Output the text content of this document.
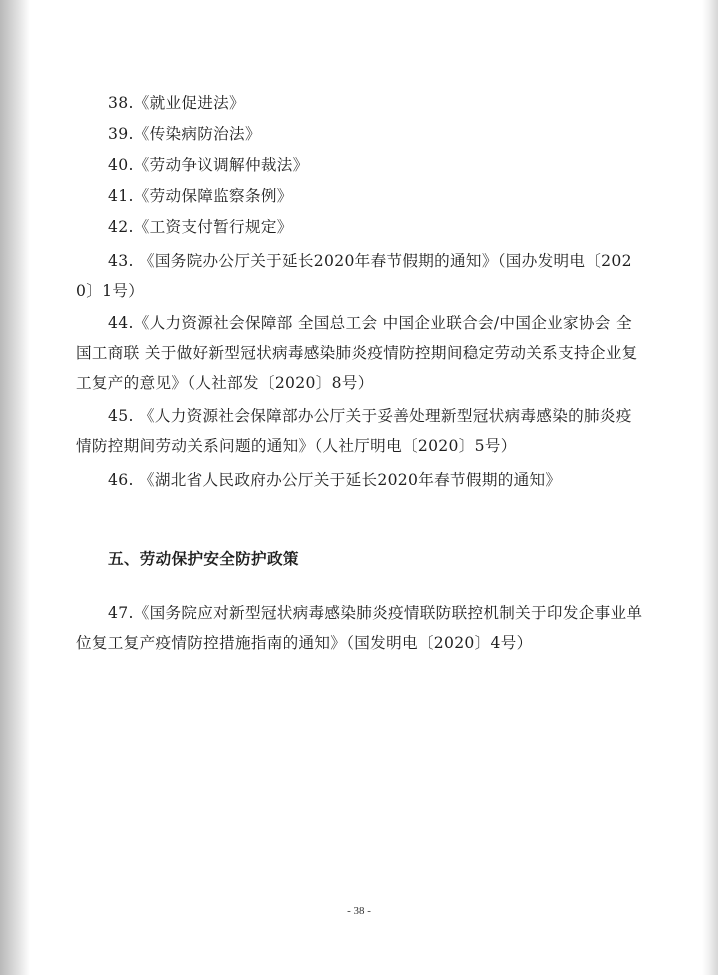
38.《就业促进法》
39.《传染病防治法》
40.《劳动争议调解仲裁法》
41.《劳动保障监察条例》
42.《工资支付暂行规定》
43. 《国务院办公厅关于延长2020年春节假期的通知》（国办发明电〔2020〕1号）
44.《人力资源社会保障部 全国总工会 中国企业联合会/中国企业家协会 全国工商联 关于做好新型冠状病毒感染肺炎疫情防控期间稳定劳动关系支持企业复工复产的意见》（人社部发〔2020〕8号）
45. 《人力资源社会保障部办公厅关于妥善处理新型冠状病毒感染的肺炎疫情防控期间劳动关系问题的通知》（人社厅明电〔2020〕5号）
46. 《湖北省人民政府办公厅关于延长2020年春节假期的通知》
五、劳动保护安全防护政策
47.《国务院应对新型冠状病毒感染肺炎疫情联防联控机制关于印发企事业单位复工复产疫情防控措施指南的通知》（国发明电〔2020〕4号）
- 38 -
